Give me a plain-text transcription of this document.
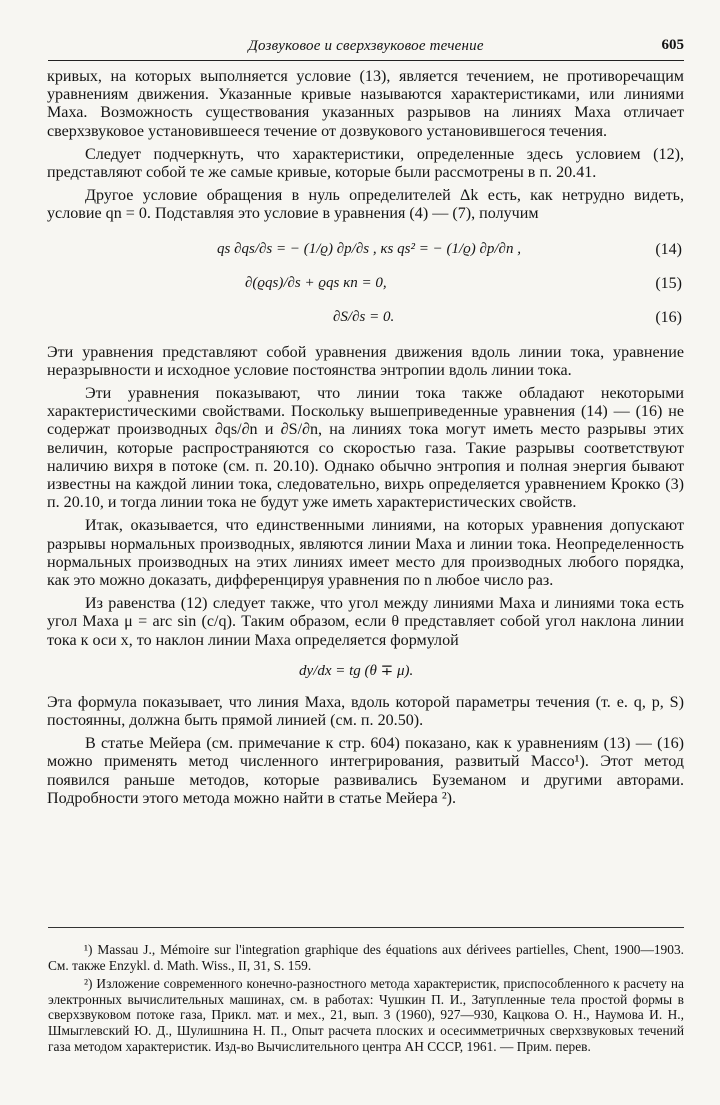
Дозвуковое и сверхзвуковое течение	605

кривых, на которых выполняется условие (13), является течением, не противоречащим уравнениям движения. Указанные кривые называются характеристиками, или линиями Маха. Возможность существования указанных разрывов на линиях Маха отличает сверхзвуковое установившееся течение от дозвукового установившегося течения.

Следует подчеркнуть, что характеристики, определенные здесь условием (12), представляют собой те же самые кривые, которые были рассмотрены в п. 20.41.

Другое условие обращения в нуль определителей Δk есть, как нетрудно видеть, условие qn = 0. Подставляя это условие в уравнения (4) — (7), получим

qs ∂qs/∂s = − (1/ϱ) ∂p/∂s , κs qs² = − (1/ϱ) ∂p/∂n ,	(14)
∂(ϱqs)/∂s + ϱqs κn = 0,	(15)
∂S/∂s = 0.	(16)

Эти уравнения представляют собой уравнения движения вдоль линии тока, уравнение неразрывности и исходное условие постоянства энтропии вдоль линии тока.

Эти уравнения показывают, что линии тока также обладают некоторыми характеристическими свойствами. Поскольку вышеприведенные уравнения (14) — (16) не содержат производных ∂qs/∂n и ∂S/∂n, на линиях тока могут иметь место разрывы этих величин, которые распространяются со скоростью газа. Такие разрывы соответствуют наличию вихря в потоке (см. п. 20.10). Однако обычно энтропия и полная энергия бывают известны на каждой линии тока, следовательно, вихрь определяется уравнением Крокко (3) п. 20.10, и тогда линии тока не будут уже иметь характеристических свойств.

Итак, оказывается, что единственными линиями, на которых уравнения допускают разрывы нормальных производных, являются линии Маха и линии тока. Неопределенность нормальных производных на этих линиях имеет место для производных любого порядка, как это можно доказать, дифференцируя уравнения по n любое число раз.

Из равенства (12) следует также, что угол между линиями Маха и линиями тока есть угол Маха μ = arc sin (c/q). Таким образом, если θ представляет собой угол наклона линии тока к оси x, то наклон линии Маха определяется формулой

dy/dx = tg (θ ∓ μ).

Эта формула показывает, что линия Маха, вдоль которой параметры течения (т. е. q, p, S) постоянны, должна быть прямой линией (см. п. 20.50).

В статье Мейера (см. примечание к стр. 604) показано, как к уравнениям (13) — (16) можно применять метод численного интегрирования, развитый Массо¹). Этот метод появился раньше методов, которые развивались Буземаном и другими авторами. Подробности этого метода можно найти в статье Мейера ²).

¹) Massau J., Mémoire sur l'integration graphique des équations aux dérivees partielles, Chent, 1900—1903. См. также Enzykl. d. Math. Wiss., II, 31, S. 159.

²) Изложение современного конечно-разностного метода характеристик, приспособленного к расчету на электронных вычислительных машинах, см. в работах: Чушкин П. И., Затупленные тела простой формы в сверхзвуковом потоке газа, Прикл. мат. и мех., 21, вып. 3 (1960), 927—930, Кацкова О. Н., Наумова И. Н., Шмыглевский Ю. Д., Шулишнина Н. П., Опыт расчета плоских и осесимметричных сверхзвуковых течений газа методом характеристик. Изд-во Вычислительного центра АН СССР, 1961. — Прим. перев.
